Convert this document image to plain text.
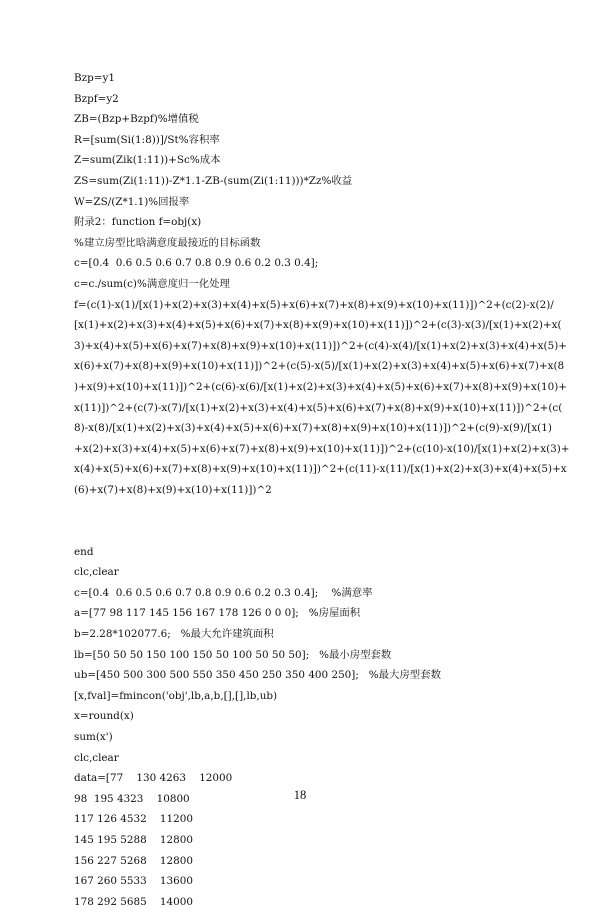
Bzp=y1
Bzpf=y2
ZB=(Bzp+Bzpf)%增值税
R=[sum(Si(1:8))]/St%容积率
Z=sum(Zik(1:11))+Sc%成本
ZS=sum(Zi(1:11))-Z*1.1-ZB-(sum(Zi(1:11)))*Zz%收益
W=ZS/(Z*1.1)%回报率
附录2：function f=obj(x)
%建立房型比晗满意度最接近的目标函数
c=[0.4  0.6 0.5 0.6 0.7 0.8 0.9 0.6 0.2 0.3 0.4];
c=c./sum(c)%满意度归一化处理
f=(c(1)-x(1)/[x(1)+x(2)+x(3)+x(4)+x(5)+x(6)+x(7)+x(8)+x(9)+x(10)+x(11)])^2+(c(2)-x(2)/
[x(1)+x(2)+x(3)+x(4)+x(5)+x(6)+x(7)+x(8)+x(9)+x(10)+x(11)])^2+(c(3)-x(3)/[x(1)+x(2)+x(
3)+x(4)+x(5)+x(6)+x(7)+x(8)+x(9)+x(10)+x(11)])^2+(c(4)-x(4)/[x(1)+x(2)+x(3)+x(4)+x(5)+
x(6)+x(7)+x(8)+x(9)+x(10)+x(11)])^2+(c(5)-x(5)/[x(1)+x(2)+x(3)+x(4)+x(5)+x(6)+x(7)+x(8
)+x(9)+x(10)+x(11)])^2+(c(6)-x(6)/[x(1)+x(2)+x(3)+x(4)+x(5)+x(6)+x(7)+x(8)+x(9)+x(10)+
x(11)])^2+(c(7)-x(7)/[x(1)+x(2)+x(3)+x(4)+x(5)+x(6)+x(7)+x(8)+x(9)+x(10)+x(11)])^2+(c(
8)-x(8)/[x(1)+x(2)+x(3)+x(4)+x(5)+x(6)+x(7)+x(8)+x(9)+x(10)+x(11)])^2+(c(9)-x(9)/[x(1)
+x(2)+x(3)+x(4)+x(5)+x(6)+x(7)+x(8)+x(9)+x(10)+x(11)])^2+(c(10)-x(10)/[x(1)+x(2)+x(3)+
x(4)+x(5)+x(6)+x(7)+x(8)+x(9)+x(10)+x(11)])^2+(c(11)-x(11)/[x(1)+x(2)+x(3)+x(4)+x(5)+x
(6)+x(7)+x(8)+x(9)+x(10)+x(11)])^2
end
clc,clear
c=[0.4  0.6 0.5 0.6 0.7 0.8 0.9 0.6 0.2 0.3 0.4];    %满意率
a=[77 98 117 145 156 167 178 126 0 0 0];   %房屋面积
b=2.28*102077.6;   %最大允许建筑面积
lb=[50 50 50 150 100 150 50 100 50 50 50];   %最小房型套数
ub=[450 500 300 500 550 350 450 250 350 400 250];   %最大房型套数
[x,fval]=fmincon('obj',lb,a,b,[],[],lb,ub)
x=round(x)
sum(x')
clc,clear
data=[77    130 4263    12000
98  195 4323    10800
117 126 4532    11200
145 195 5288    12800
156 227 5268    12800
167 260 5533    13600
178 292 5685    14000
18
